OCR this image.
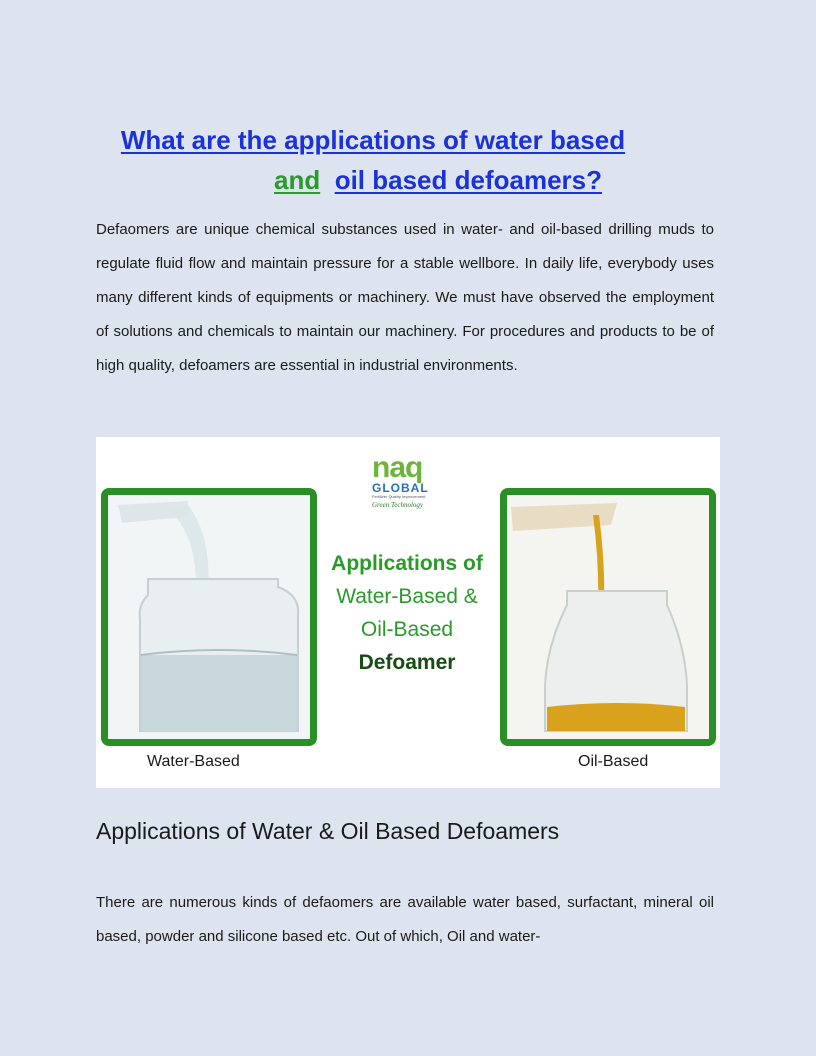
What are the applications of water based
and oil based defoamers?

Defaomers are unique chemical substances used in water- and oil-based drilling muds to regulate fluid flow and maintain pressure for a stable wellbore. In daily life, everybody uses many different kinds of equipments or machinery. We must have observed the employment of solutions and chemicals to maintain our machinery. For procedures and products to be of high quality, defoamers are essential in industrial environments.

naq
GLOBAL
Fertilizer Quality Improvement
Green Technology
Applications of
Water-Based &
Oil-Based
Defoamer
Water-Based	Oil-Based
Applications of Water & Oil Based Defoamers

There are numerous kinds of defaomers are available water based, surfactant, mineral oil based, powder and silicone based etc. Out of which, Oil and water-
